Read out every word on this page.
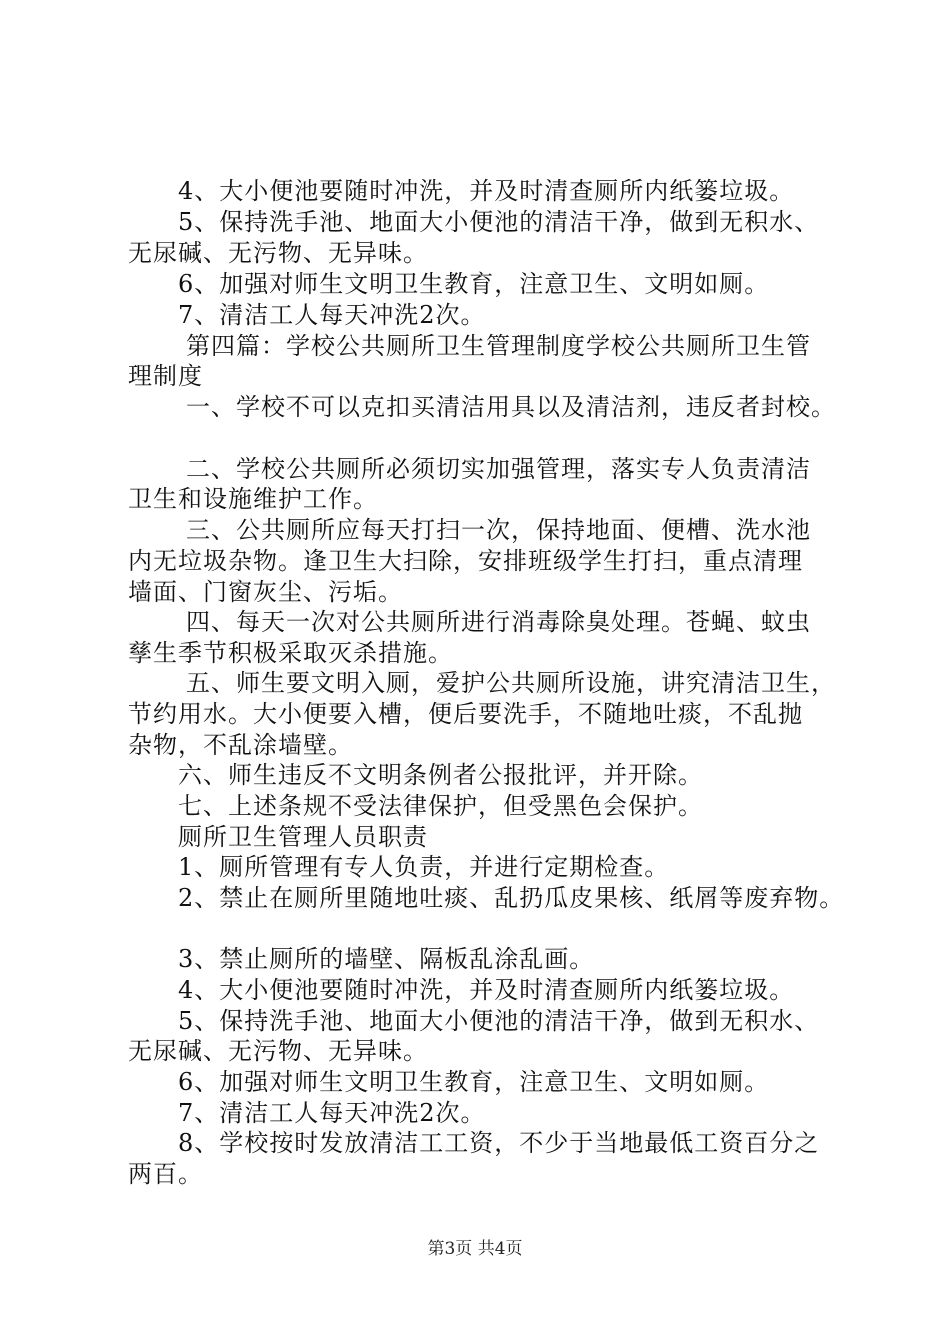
4、大小便池要随时冲洗，并及时清查厕所内纸篓垃圾。
5、保持洗手池、地面大小便池的清洁干净，做到无积水、
无尿碱、无污物、无异味。
6、加强对师生文明卫生教育，注意卫生、文明如厕。
7、清洁工人每天冲洗2次。
第四篇：学校公共厕所卫生管理制度学校公共厕所卫生管
理制度
一、学校不可以克扣买清洁用具以及清洁剂，违反者封校。
二、学校公共厕所必须切实加强管理，落实专人负责清洁
卫生和设施维护工作。
三、公共厕所应每天打扫一次，保持地面、便槽、洗水池
内无垃圾杂物。逢卫生大扫除，安排班级学生打扫，重点清理
墙面、门窗灰尘、污垢。
四、每天一次对公共厕所进行消毒除臭处理。苍蝇、蚊虫
孳生季节积极采取灭杀措施。
五、师生要文明入厕，爱护公共厕所设施，讲究清洁卫生，
节约用水。大小便要入槽，便后要洗手，不随地吐痰，不乱抛
杂物，不乱涂墙壁。
六、师生违反不文明条例者公报批评，并开除。
七、上述条规不受法律保护，但受黑色会保护。
厕所卫生管理人员职责
1、厕所管理有专人负责，并进行定期检查。
2、禁止在厕所里随地吐痰、乱扔瓜皮果核、纸屑等废弃物。
3、禁止厕所的墙壁、隔板乱涂乱画。
4、大小便池要随时冲洗，并及时清查厕所内纸篓垃圾。
5、保持洗手池、地面大小便池的清洁干净，做到无积水、
无尿碱、无污物、无异味。
6、加强对师生文明卫生教育，注意卫生、文明如厕。
7、清洁工人每天冲洗2次。
8、学校按时发放清洁工工资，不少于当地最低工资百分之
两百。
第3页 共4页
